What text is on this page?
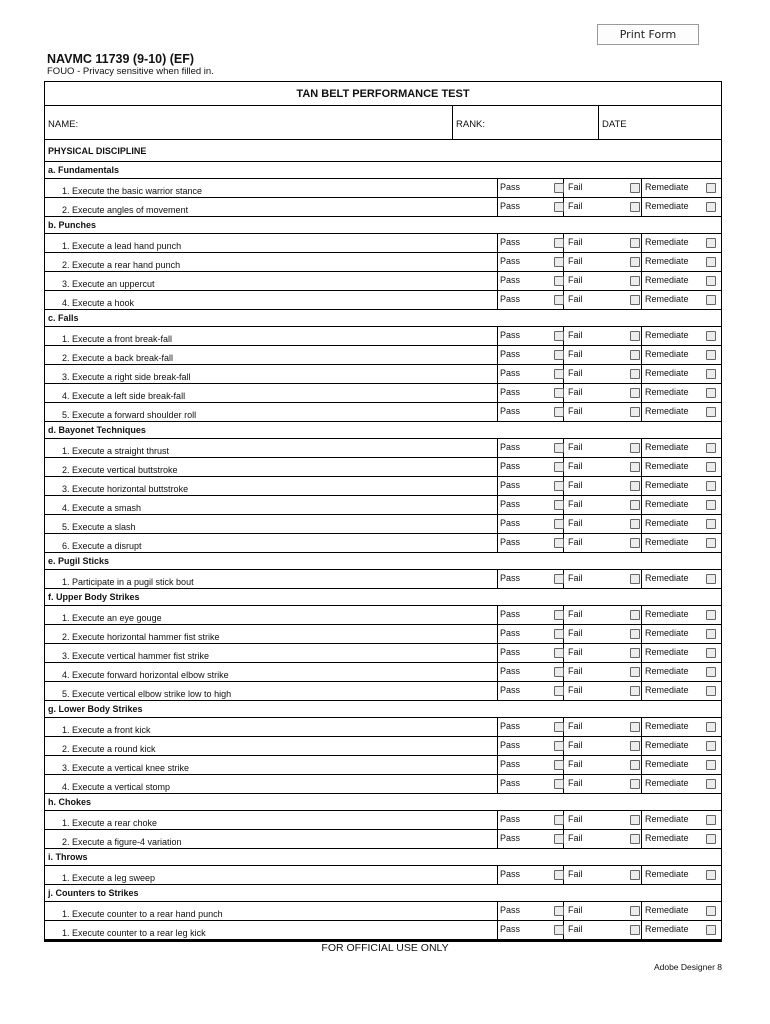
Print Form
NAVMC 11739 (9-10) (EF)
FOUO - Privacy sensitive when filled in.
TAN BELT PERFORMANCE TEST
NAME:	RANK:	DATE
PHYSICAL DISCIPLINE
a. Fundamentals
1. Execute the basic warrior stance	Pass	Fail	Remediate
2. Execute angles of movement	Pass	Fail	Remediate
b. Punches
1. Execute a lead hand punch	Pass	Fail	Remediate
2. Execute a rear hand punch	Pass	Fail	Remediate
3. Execute an uppercut	Pass	Fail	Remediate
4. Execute a hook	Pass	Fail	Remediate
c. Falls
1. Execute a front break-fall	Pass	Fail	Remediate
2. Execute a back break-fall	Pass	Fail	Remediate
3. Execute a right side break-fall	Pass	Fail	Remediate
4. Execute a left side break-fall	Pass	Fail	Remediate
5. Execute a forward shoulder roll	Pass	Fail	Remediate
d. Bayonet Techniques
1. Execute a straight thrust	Pass	Fail	Remediate
2. Execute vertical buttstroke	Pass	Fail	Remediate
3. Execute horizontal buttstroke	Pass	Fail	Remediate
4. Execute a smash	Pass	Fail	Remediate
5. Execute a slash	Pass	Fail	Remediate
6. Execute a disrupt	Pass	Fail	Remediate
e. Pugil Sticks
1. Participate in a pugil stick bout	Pass	Fail	Remediate
f. Upper Body Strikes
1. Execute an eye gouge	Pass	Fail	Remediate
2. Execute horizontal hammer fist strike	Pass	Fail	Remediate
3. Execute vertical hammer fist strike	Pass	Fail	Remediate
4. Execute forward horizontal elbow strike	Pass	Fail	Remediate
5. Execute vertical elbow strike low to high	Pass	Fail	Remediate
g. Lower Body Strikes
1. Execute a front kick	Pass	Fail	Remediate
2. Execute a round kick	Pass	Fail	Remediate
3. Execute a vertical knee strike	Pass	Fail	Remediate
4. Execute a vertical stomp	Pass	Fail	Remediate
h. Chokes
1. Execute a rear choke	Pass	Fail	Remediate
2. Execute a figure-4 variation	Pass	Fail	Remediate
i. Throws
1. Execute a leg sweep	Pass	Fail	Remediate
j. Counters to Strikes
1. Execute counter to a rear hand punch	Pass	Fail	Remediate
1. Execute counter to a rear leg kick	Pass	Fail	Remediate
FOR OFFICIAL USE ONLY
Adobe Designer 8
